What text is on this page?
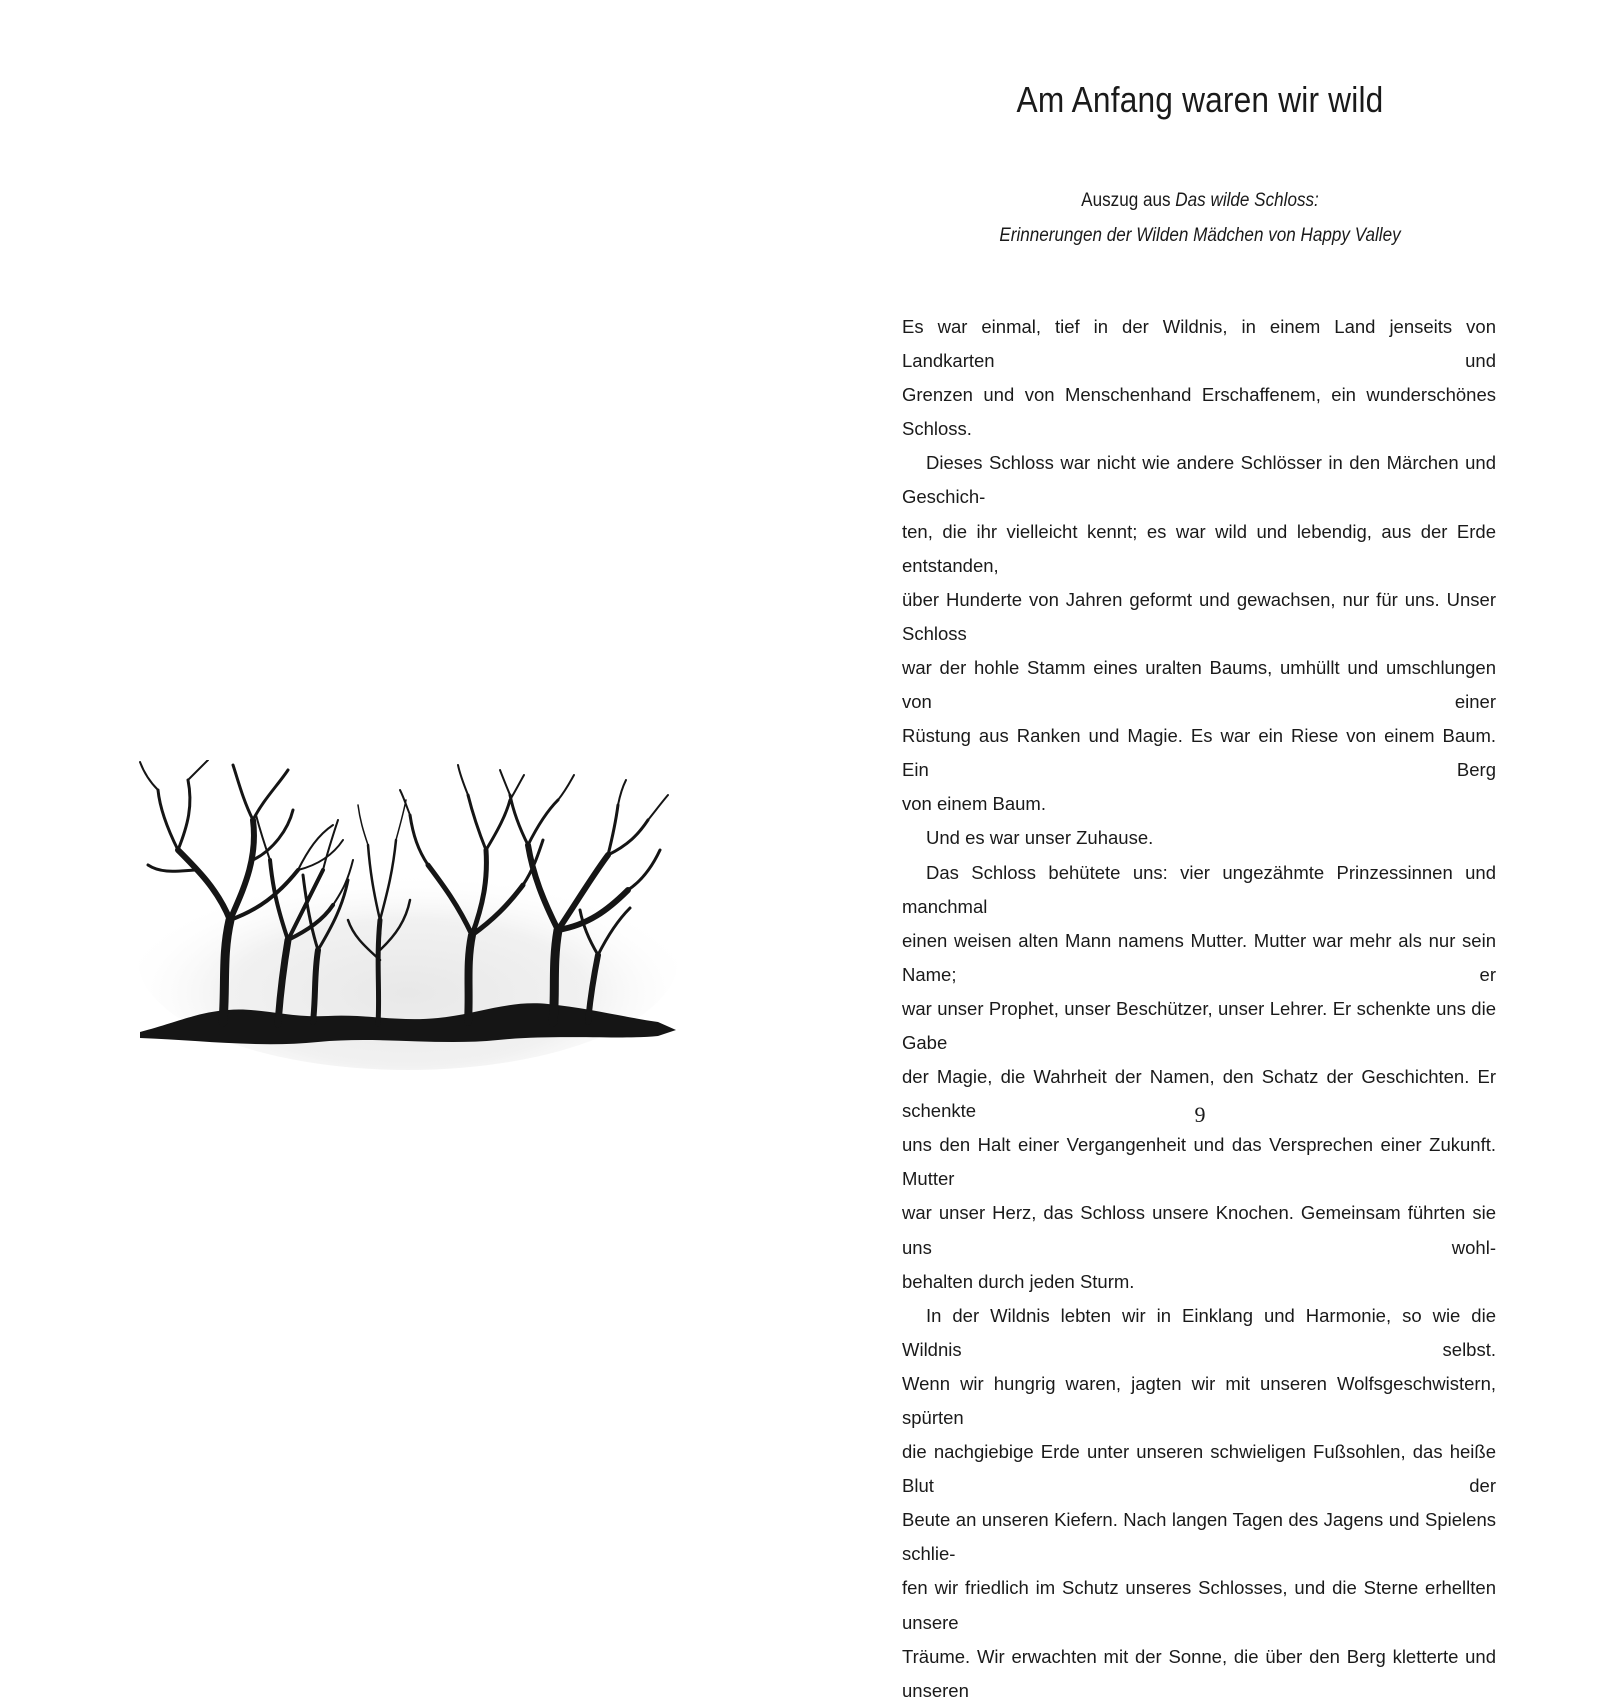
Am Anfang waren wir wild
Auszug aus Das wilde Schloss:
Erinnerungen der Wilden Mädchen von Happy Valley

Es war einmal, tief in der Wildnis, in einem Land jenseits von Landkarten und

Grenzen und von Menschenhand Erschaffenem, ein wunderschönes Schloss.

Dieses Schloss war nicht wie andere Schlösser in den Märchen und Geschich-

ten, die ihr vielleicht kennt; es war wild und lebendig, aus der Erde entstanden,

über Hunderte von Jahren geformt und gewachsen, nur für uns. Unser Schloss

war der hohle Stamm eines uralten Baums, umhüllt und umschlungen von einer

Rüstung aus Ranken und Magie. Es war ein Riese von einem Baum. Ein Berg

von einem Baum.

Und es war unser Zuhause.

Das Schloss behütete uns: vier ungezähmte Prinzessinnen und manchmal

einen weisen alten Mann namens Mutter. Mutter war mehr als nur sein Name; er

war unser Prophet, unser Beschützer, unser Lehrer. Er schenkte uns die Gabe

der Magie, die Wahrheit der Namen, den Schatz der Geschichten. Er schenkte

uns den Halt einer Vergangenheit und das Versprechen einer Zukunft. Mutter

war unser Herz, das Schloss unsere Knochen. Gemeinsam führten sie uns wohl-

behalten durch jeden Sturm.

In der Wildnis lebten wir in Einklang und Harmonie, so wie die Wildnis selbst.

Wenn wir hungrig waren, jagten wir mit unseren Wolfsgeschwistern, spürten

die nachgiebige Erde unter unseren schwieligen Fußsohlen, das heiße Blut der

Beute an unseren Kiefern. Nach langen Tagen des Jagens und Spielens schlie-

fen wir friedlich im Schutz unseres Schlosses, und die Sterne erhellten unsere

Träume. Wir erwachten mit der Sonne, die über den Berg kletterte und unseren

9
